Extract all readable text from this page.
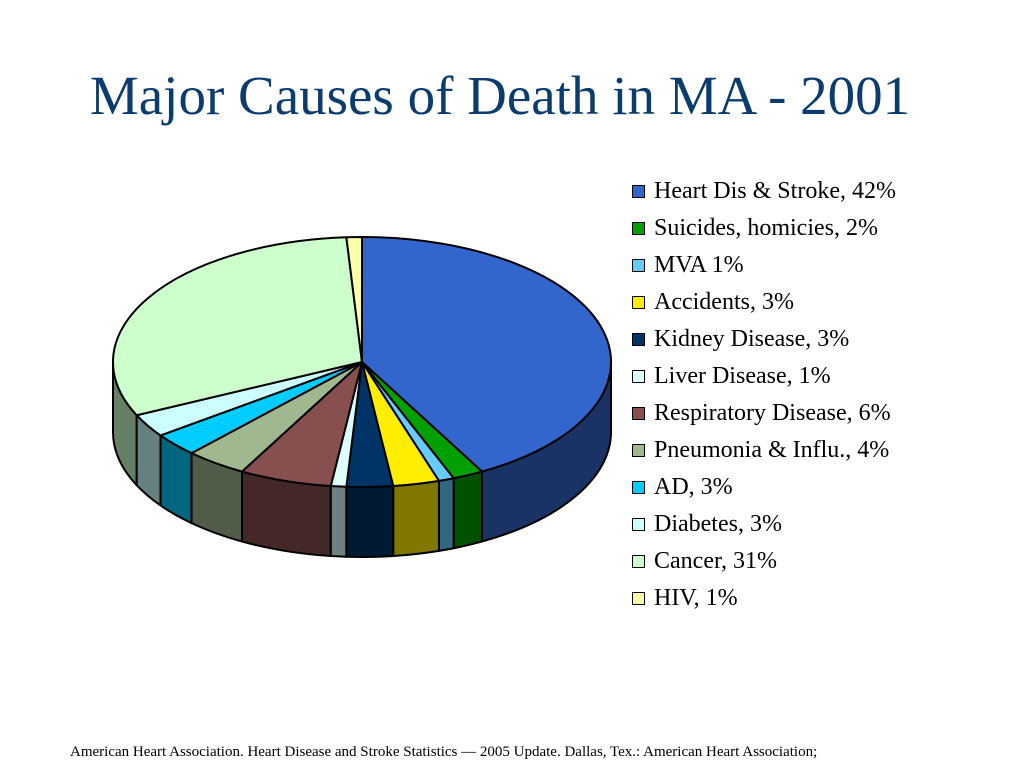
Major Causes of Death in MA - 2001
Heart Dis & Stroke, 42%
Suicides, homicies, 2%
MVA 1%
Accidents, 3%
Kidney Disease, 3%
Liver Disease, 1%
Respiratory Disease, 6%
Pneumonia & Influ., 4%
AD, 3%
Diabetes, 3%
Cancer, 31%
HIV, 1%
American Heart Association. Heart Disease and Stroke Statistics — 2005 Update. Dallas, Tex.: American Heart Association;
